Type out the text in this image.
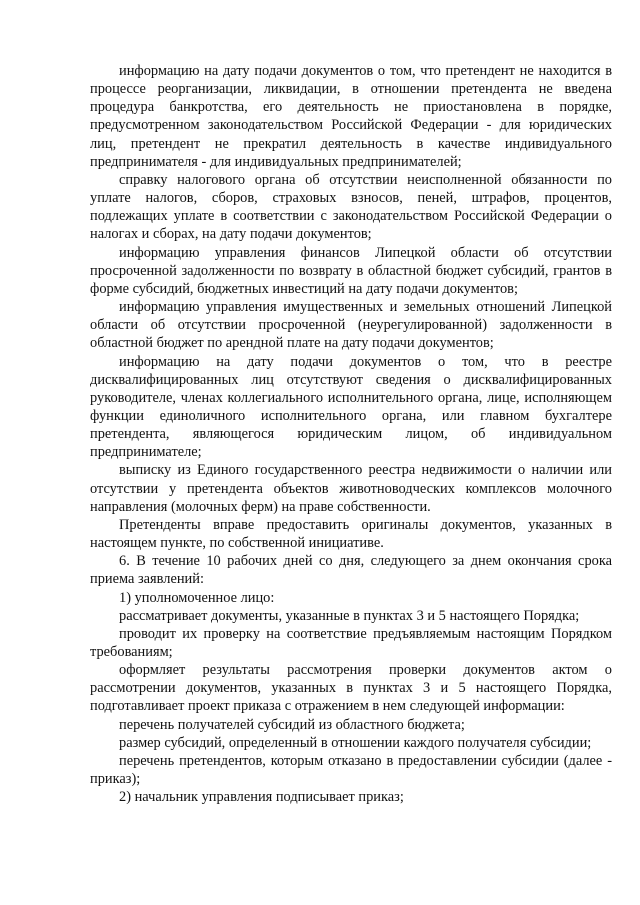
информацию на дату подачи документов о том, что претендент не находится в процессе реорганизации, ликвидации, в отношении претендента не введена процедура банкротства, его деятельность не приостановлена в порядке, предусмотренном законодательством Российской Федерации - для юридических лиц, претендент не прекратил деятельность в качестве индивидуального предпринимателя - для индивидуальных предпринимателей;

справку налогового органа об отсутствии неисполненной обязанности по уплате налогов, сборов, страховых взносов, пеней, штрафов, процентов, подлежащих уплате в соответствии с законодательством Российской Федерации о налогах и сборах, на дату подачи документов;

информацию управления финансов Липецкой области об отсутствии просроченной задолженности по возврату в областной бюджет субсидий, грантов в форме субсидий, бюджетных инвестиций на дату подачи документов;

информацию управления имущественных и земельных отношений Липецкой области об отсутствии просроченной (неурегулированной) задолженности в областной бюджет по арендной плате на дату подачи документов;

информацию на дату подачи документов о том, что в реестре дисквалифицированных лиц отсутствуют сведения о дисквалифицированных руководителе, членах коллегиального исполнительного органа, лице, исполняющем функции единоличного исполнительного органа, или главном бухгалтере претендента, являющегося юридическим лицом, об индивидуальном предпринимателе;

выписку из Единого государственного реестра недвижимости о наличии или отсутствии у претендента объектов животноводческих комплексов молочного направления (молочных ферм) на праве собственности.

Претенденты вправе предоставить оригиналы документов, указанных в настоящем пункте, по собственной инициативе.

6. В течение 10 рабочих дней со дня, следующего за днем окончания срока приема заявлений:

1) уполномоченное лицо:

рассматривает документы, указанные в пунктах 3 и 5 настоящего Порядка;

проводит их проверку на соответствие предъявляемым настоящим Порядком требованиям;

оформляет результаты рассмотрения проверки документов актом о рассмотрении документов, указанных в пунктах 3 и 5 настоящего Порядка, подготавливает проект приказа с отражением в нем следующей информации:

перечень получателей субсидий из областного бюджета;

размер субсидий, определенный в отношении каждого получателя субсидии;

перечень претендентов, которым отказано в предоставлении субсидии (далее - приказ);

2) начальник управления подписывает приказ;
